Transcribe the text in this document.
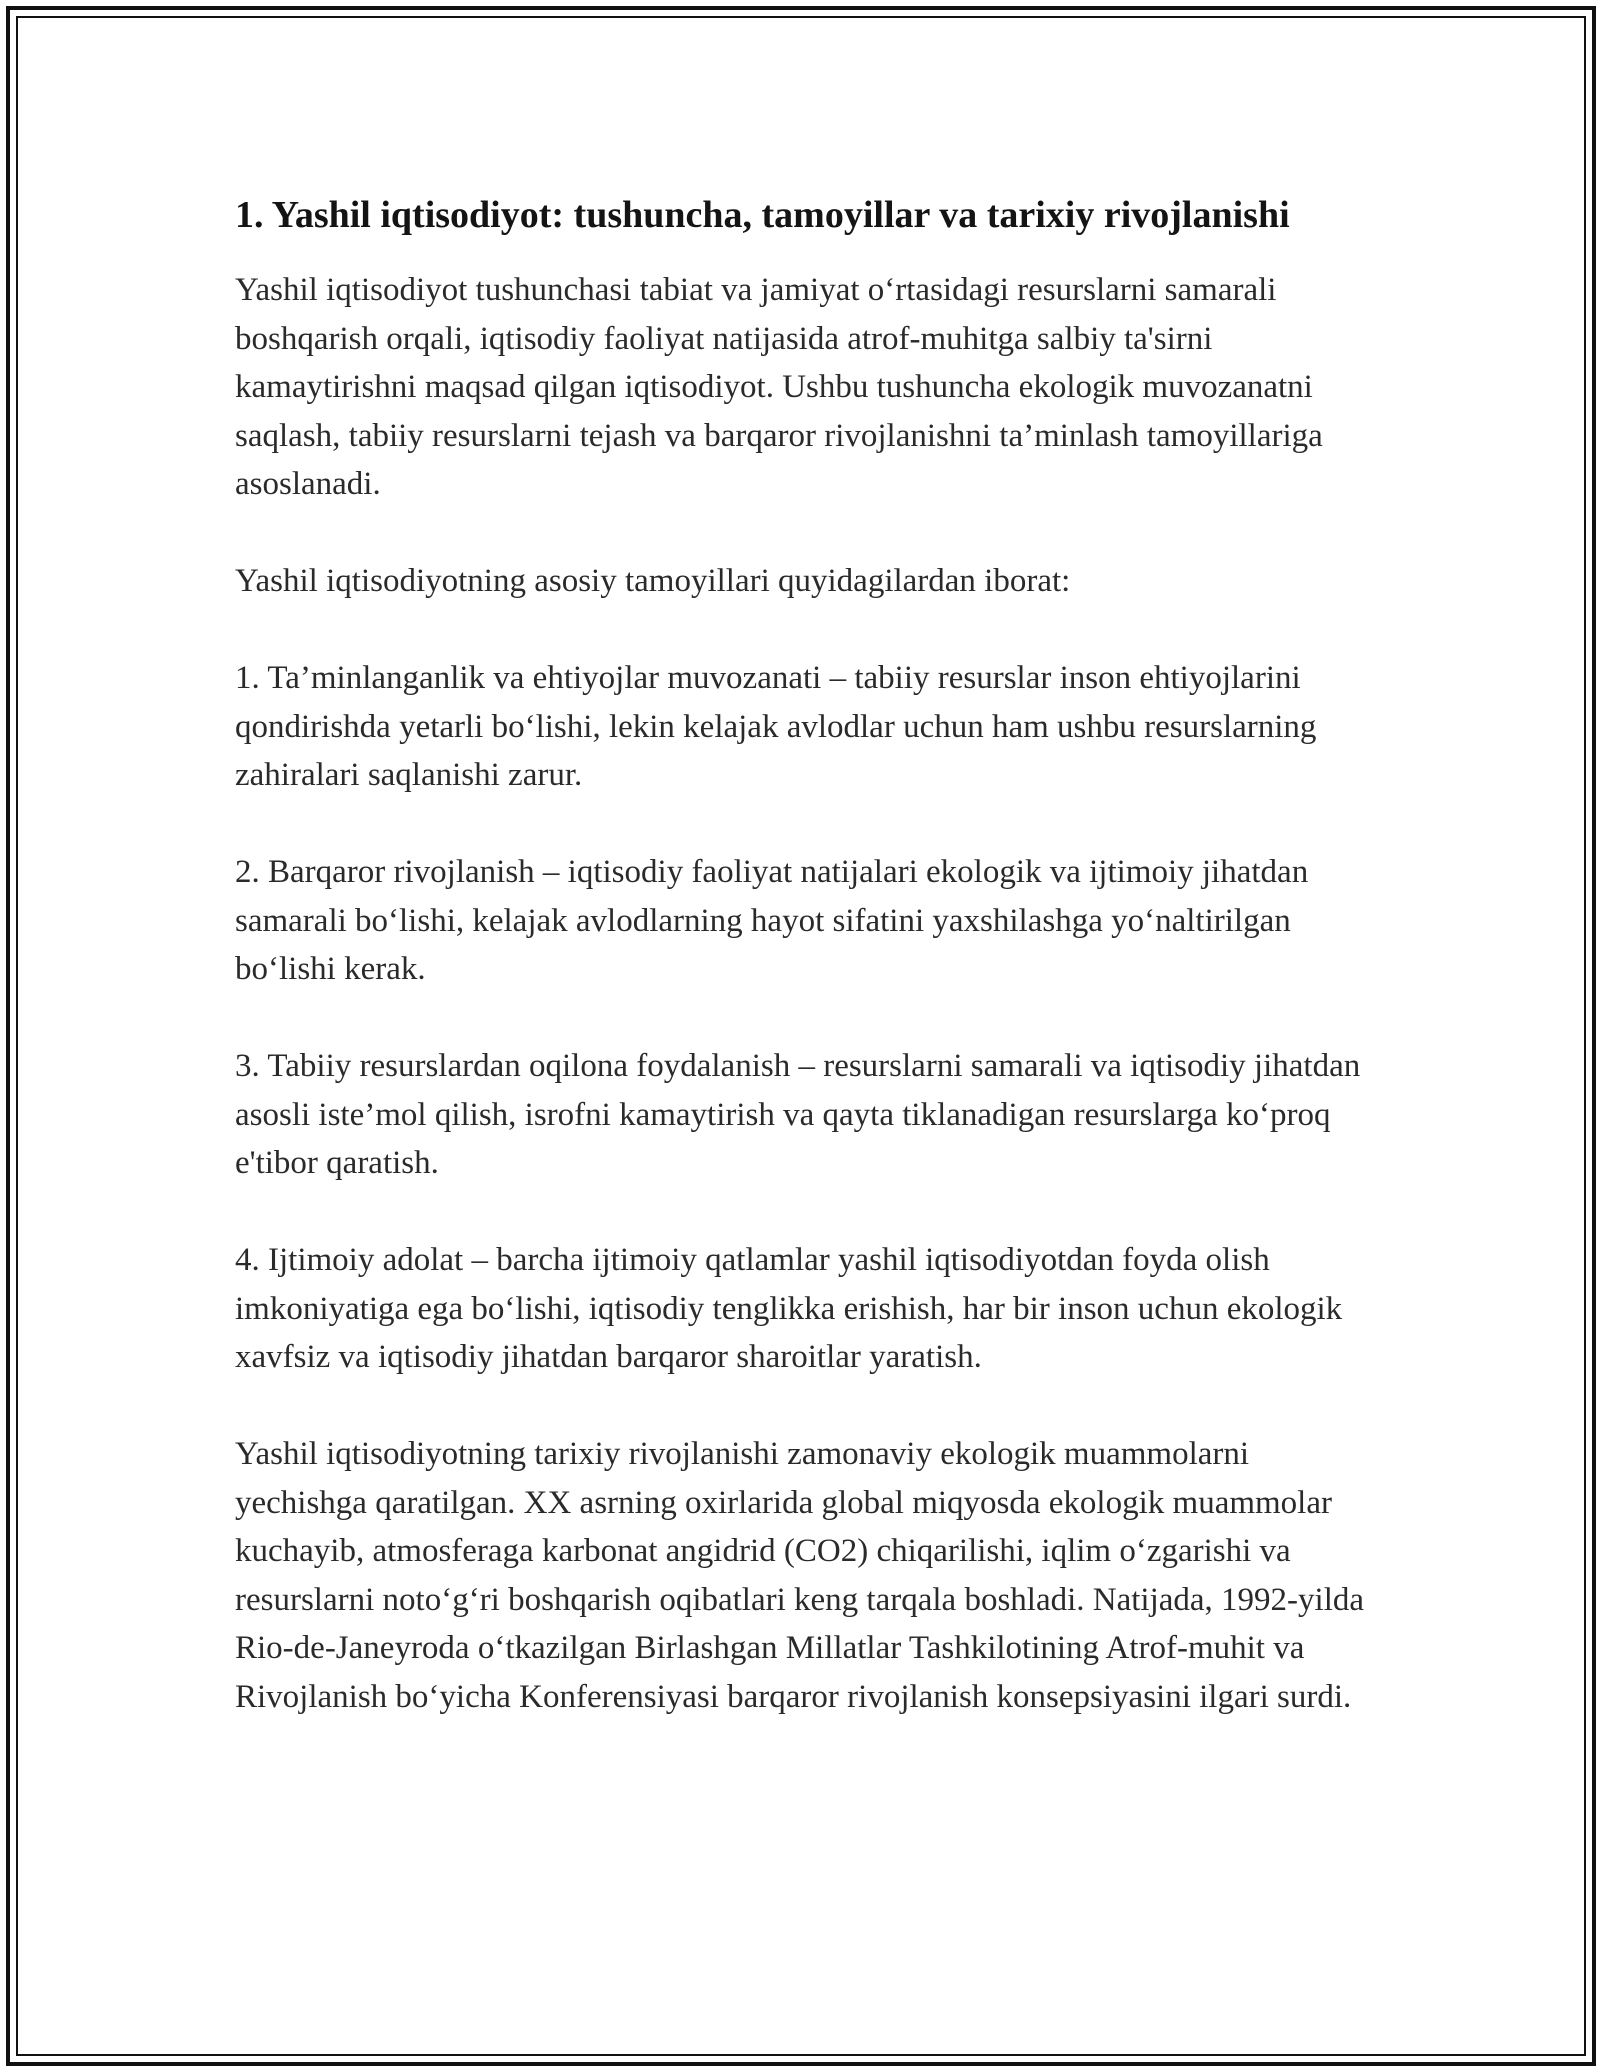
1. Yashil iqtisodiyot: tushuncha, tamoyillar va tarixiy rivojlanishi

Yashil iqtisodiyot tushunchasi tabiat va jamiyat o‘rtasidagi resurslarni samarali boshqarish orqali, iqtisodiy faoliyat natijasida atrof-muhitga salbiy ta'sirni kamaytirishni maqsad qilgan iqtisodiyot. Ushbu tushuncha ekologik muvozanatni saqlash, tabiiy resurslarni tejash va barqaror rivojlanishni ta’minlash tamoyillariga asoslanadi.

Yashil iqtisodiyotning asosiy tamoyillari quyidagilardan iborat:

1. Ta’minlanganlik va ehtiyojlar muvozanati – tabiiy resurslar inson ehtiyojlarini qondirishda yetarli bo‘lishi, lekin kelajak avlodlar uchun ham ushbu resurslarning zahiralari saqlanishi zarur.

2. Barqaror rivojlanish – iqtisodiy faoliyat natijalari ekologik va ijtimoiy jihatdan samarali bo‘lishi, kelajak avlodlarning hayot sifatini yaxshilashga yo‘naltirilgan bo‘lishi kerak.

3. Tabiiy resurslardan oqilona foydalanish – resurslarni samarali va iqtisodiy jihatdan asosli iste’mol qilish, isrofni kamaytirish va qayta tiklanadigan resurslarga ko‘proq e'tibor qaratish.

4. Ijtimoiy adolat – barcha ijtimoiy qatlamlar yashil iqtisodiyotdan foyda olish imkoniyatiga ega bo‘lishi, iqtisodiy tenglikka erishish, har bir inson uchun ekologik xavfsiz va iqtisodiy jihatdan barqaror sharoitlar yaratish.

Yashil iqtisodiyotning tarixiy rivojlanishi zamonaviy ekologik muammolarni yechishga qaratilgan. XX asrning oxirlarida global miqyosda ekologik muammolar kuchayib, atmosferaga karbonat angidrid (CO2) chiqarilishi, iqlim o‘zgarishi va resurslarni noto‘g‘ri boshqarish oqibatlari keng tarqala boshladi. Natijada, 1992-yilda Rio-de-Janeyroda o‘tkazilgan Birlashgan Millatlar Tashkilotining Atrof-muhit va Rivojlanish bo‘yicha Konferensiyasi barqaror rivojlanish konsepsiyasini ilgari surdi.
